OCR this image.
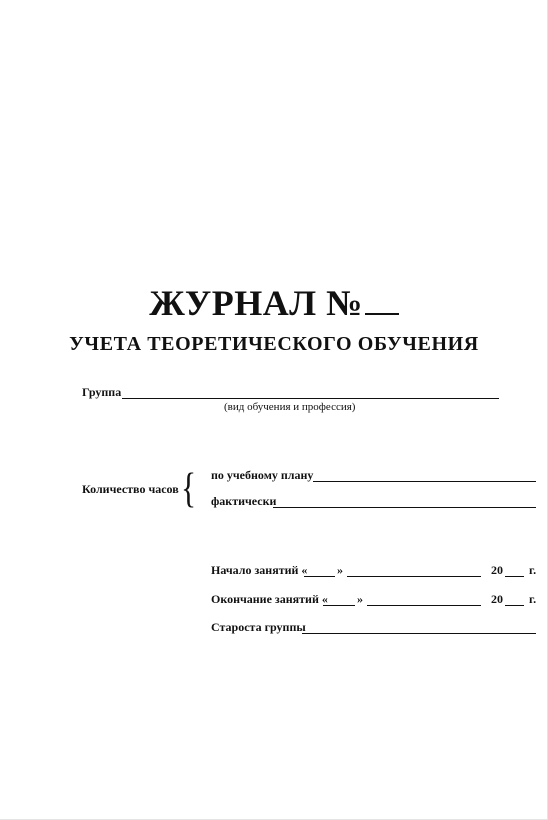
ЖУРНАЛ №
УЧЕТА ТЕОРЕТИЧЕСКОГО ОБУЧЕНИЯ
Группа
(вид обучения и профессия)
Количество часов { по учебному плану
фактически
Начало занятий « »	20 г.
Окончание занятий « »	20 г.
Староста группы
